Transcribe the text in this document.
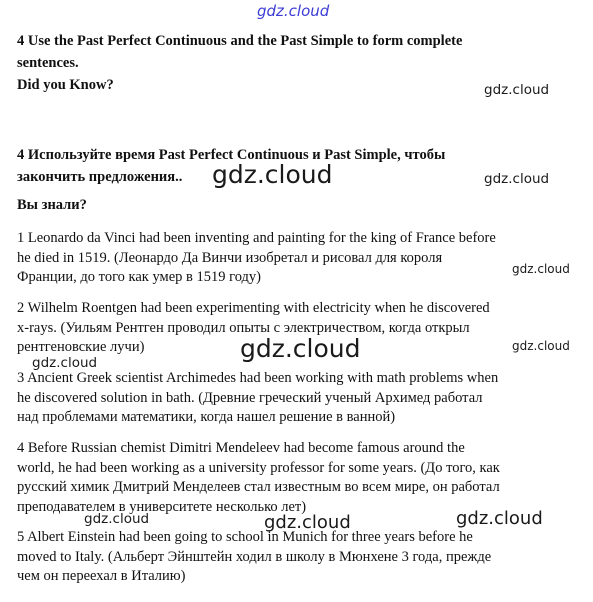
4 Use the Past Perfect Continuous and the Past Simple to form complete
sentences.
Did you Know?
4 Используйте время Past Perfect Continuous и Past Simple, чтобы
закончить предложения..
Вы знали?
1 Leonardo da Vinci had been inventing and painting for the king of France before
he died in 1519. (Леонардо Да Винчи изобретал и рисовал для короля
Франции, до того как умер в 1519 году)
2 Wilhelm Roentgen had been experimenting with electricity when he discovered
x-rays. (Уильям Рентген проводил опыты с электричеством, когда открыл
рентгеновские лучи)
3 Ancient Greek scientist Archimedes had been working with math problems when
he discovered solution in bath. (Древние греческий ученый Архимед работал
над проблемами математики, когда нашел решение в ванной)
4 Before Russian chemist Dimitri Mendeleev had become famous around the
world, he had been working as a university professor for some years. (До того, как
русский химик Дмитрий Менделеев стал известным во всем мире, он работал
преподавателем в университете несколько лет)
5 Albert Einstein had been going to school in Munich for three years before he
moved to Italy. (Альберт Эйнштейн ходил в школу в Мюнхене 3 года, прежде
чем он переехал в Италию)
gdz.cloud
gdz.cloud
gdz.cloud	gdz.cloud
gdz.cloud
gdz.cloud
gdz.cloud
gdz.cloud
gdz.cloud	gdz.cloud	gdz.cloud
